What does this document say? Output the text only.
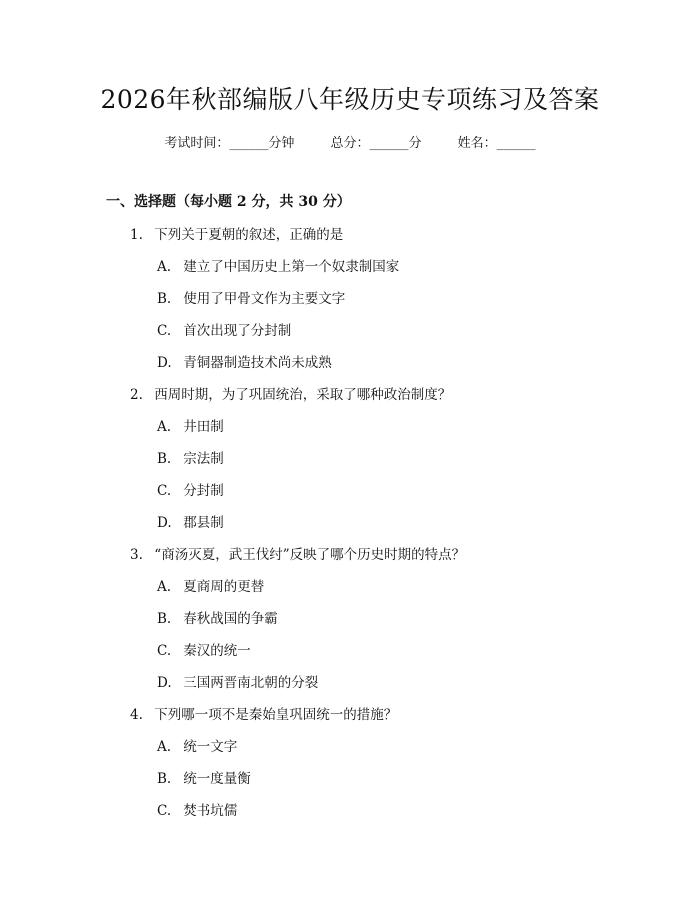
2026年秋部编版八年级历史专项练习及答案
考试时间：______分钟	总分：______分	姓名：______
一、选择题（每小题 2 分，共 30 分）
1. 下列关于夏朝的叙述，正确的是
A. 建立了中国历史上第一个奴隶制国家
B. 使用了甲骨文作为主要文字
C. 首次出现了分封制
D. 青铜器制造技术尚未成熟
2. 西周时期，为了巩固统治，采取了哪种政治制度？
A. 井田制
B. 宗法制
C. 分封制
D. 郡县制
3. “商汤灭夏，武王伐纣”反映了哪个历史时期的特点？
A. 夏商周的更替
B. 春秋战国的争霸
C. 秦汉的统一
D. 三国两晋南北朝的分裂
4. 下列哪一项不是秦始皇巩固统一的措施？
A. 统一文字
B. 统一度量衡
C. 焚书坑儒
